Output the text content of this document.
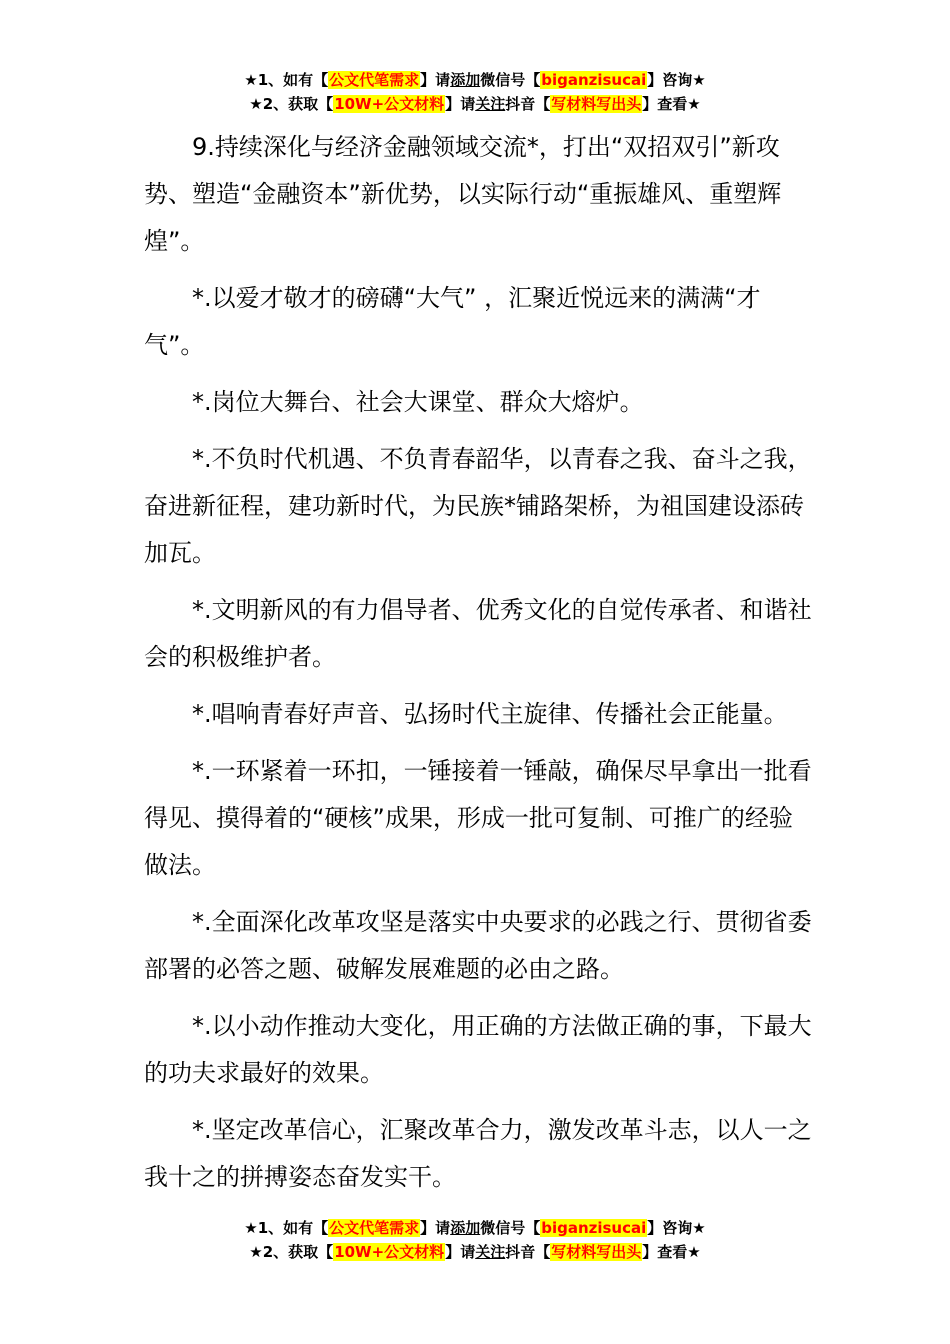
★1、如有【公文代笔需求】请添加微信号【biganzisucai】咨询★
★2、获取【10W+公文材料】请关注抖音【写材料写出头】查看★

9.持续深化与经济金融领域交流*，打出“双招双引”新攻势、塑造“金融资本”新优势，以实际行动“重振雄风、重塑辉煌”。

*.以爱才敬才的磅礴“大气” ，汇聚近悦远来的满满“才气”。

*.岗位大舞台、社会大课堂、群众大熔炉。

*.不负时代机遇、不负青春韶华，以青春之我、奋斗之我，奋进新征程，建功新时代，为民族*铺路架桥，为祖国建设添砖加瓦。

*.文明新风的有力倡导者、优秀文化的自觉传承者、和谐社会的积极维护者。

*.唱响青春好声音、弘扬时代主旋律、传播社会正能量。

*.一环紧着一环扣，一锤接着一锤敲，确保尽早拿出一批看得见、摸得着的“硬核”成果，形成一批可复制、可推广的经验做法。

*.全面深化改革攻坚是落实中央要求的必践之行、贯彻省委部署的必答之题、破解发展难题的必由之路。

*.以小动作推动大变化，用正确的方法做正确的事，下最大的功夫求最好的效果。

*.坚定改革信心，汇聚改革合力，激发改革斗志，以人一之我十之的拼搏姿态奋发实干。

★1、如有【公文代笔需求】请添加微信号【biganzisucai】咨询★
★2、获取【10W+公文材料】请关注抖音【写材料写出头】查看★
